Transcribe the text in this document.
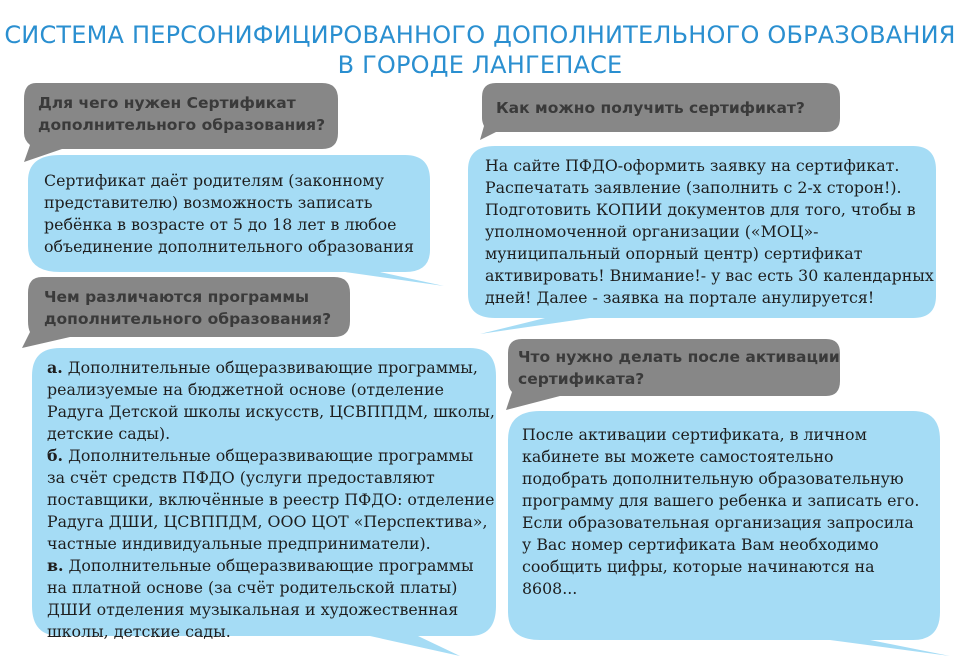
СИСТЕМА ПЕРСОНИФИЦИРОВАННОГО ДОПОЛНИТЕЛЬНОГО ОБРАЗОВАНИЯ
В ГОРОДЕ ЛАНГЕПАСЕ
Для чего нужен Сертификат
дополнительного образования?
Сертификат даёт родителям (законному
представителю) возможность записать
ребёнка в возрасте от 5 до 18 лет в любое
объединение дополнительного образования
Как можно получить сертификат?
На сайте ПФДО-оформить заявку на сертификат.
Распечатать заявление (заполнить с 2-х сторон!).
Подготовить КОПИИ документов для того, чтобы в
уполномоченной организации («МОЦ»-
муниципальный опорный центр) сертификат
активировать! Внимание!- у вас есть 30 календарных
дней! Далее - заявка на портале анулируется!
Чем различаются программы
дополнительного образования?

а. Дополнительные общеразвивающие программы,

реализуемые на бюджетной основе (отделение

Радуга Детской школы искусств, ЦСВППДМ, школы,

детские сады).

б. Дополнительные общеразвивающие программы

за счёт средств ПФДО (услуги предоставляют

поставщики, включённые в реестр ПФДО: отделение

Радуга ДШИ, ЦСВППДМ, ООО ЦОТ «Перспектива»,

частные индивидуальные предприниматели).

в. Дополнительные общеразвивающие программы

на платной основе (за счёт родительской платы)

ДШИ отделения музыкальная и художественная

школы, детские сады.

Что нужно делать после активации
сертификата?
После активации сертификата, в личном
кабинете вы можете самостоятельно
подобрать дополнительную образовательную
программу для вашего ребенка и записать его.
Если образовательная организация запросила
у Вас номер сертификата Вам необходимо
сообщить цифры, которые начинаются на
8608...
